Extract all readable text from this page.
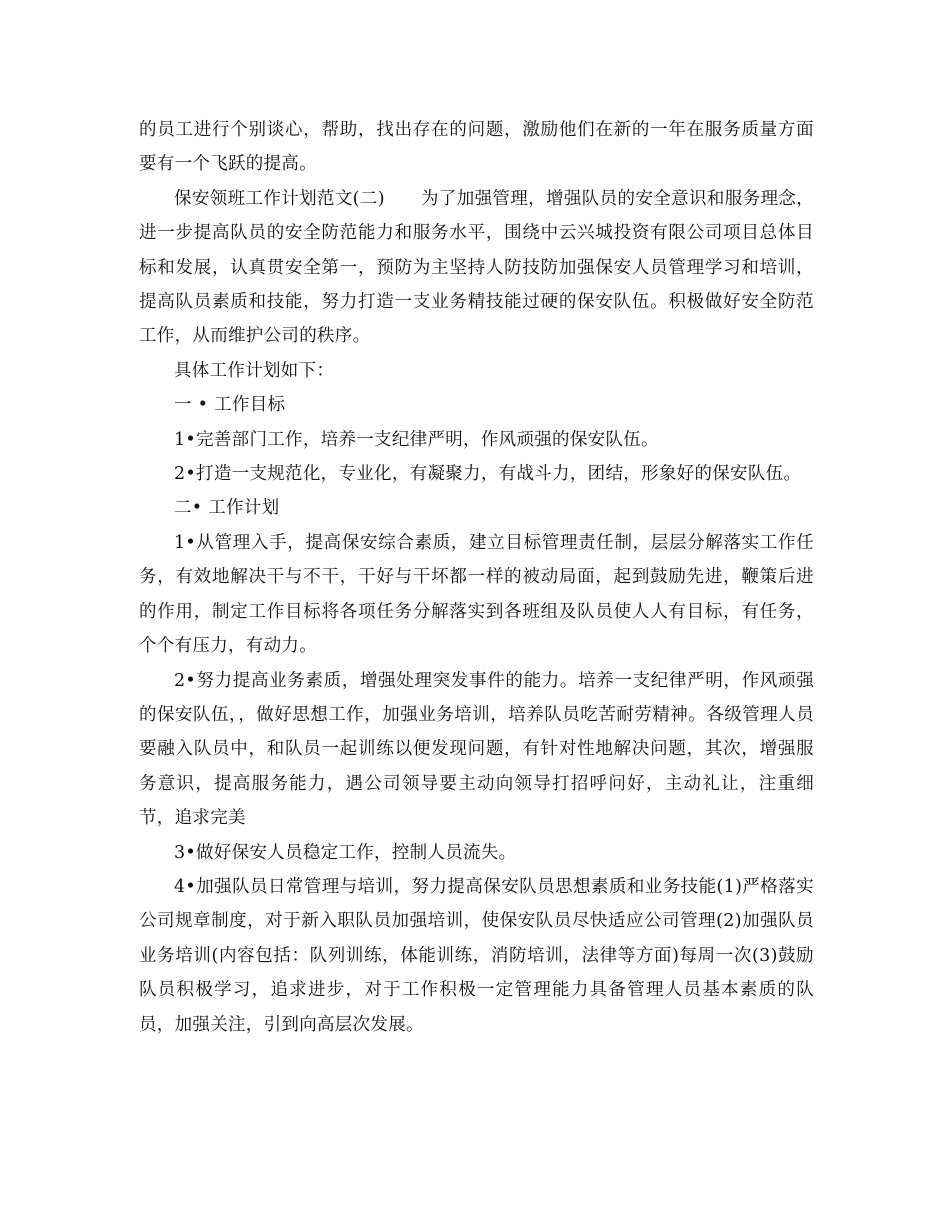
的员工进行个别谈心，帮助，找出存在的问题，激励他们在新的一年在服务质量方面要有一个飞跃的提高。

保安领班工作计划范文(二) 为了加强管理，增强队员的安全意识和服务理念，进一步提高队员的安全防范能力和服务水平，围绕中云兴城投资有限公司项目总体目标和发展，认真贯安全第一，预防为主坚持人防技防加强保安人员管理学习和培训，提高队员素质和技能，努力打造一支业务精技能过硬的保安队伍。积极做好安全防范工作，从而维护公司的秩序。

具体工作计划如下：

一 • 工作目标

1•完善部门工作，培养一支纪律严明，作风顽强的保安队伍。

2•打造一支规范化，专业化，有凝聚力，有战斗力，团结，形象好的保安队伍。

二• 工作计划

1•从管理入手，提高保安综合素质，建立目标管理责任制，层层分解落实工作任务，有效地解决干与不干，干好与干坏都一样的被动局面，起到鼓励先进，鞭策后进的作用，制定工作目标将各项任务分解落实到各班组及队员使人人有目标，有任务，个个有压力，有动力。

2•努力提高业务素质，增强处理突发事件的能力。培养一支纪律严明，作风顽强的保安队伍，，做好思想工作，加强业务培训，培养队员吃苦耐劳精神。各级管理人员要融入队员中，和队员一起训练以便发现问题，有针对性地解决问题，其次，增强服务意识，提高服务能力，遇公司领导要主动向领导打招呼问好，主动礼让，注重细节，追求完美

3•做好保安人员稳定工作，控制人员流失。

4•加强队员日常管理与培训，努力提高保安队员思想素质和业务技能(1)严格落实公司规章制度，对于新入职队员加强培训，使保安队员尽快适应公司管理(2)加强队员业务培训(内容包括：队列训练，体能训练，消防培训，法律等方面)每周一次(3)鼓励队员积极学习，追求进步，对于工作积极一定管理能力具备管理人员基本素质的队员，加强关注，引到向高层次发展。
